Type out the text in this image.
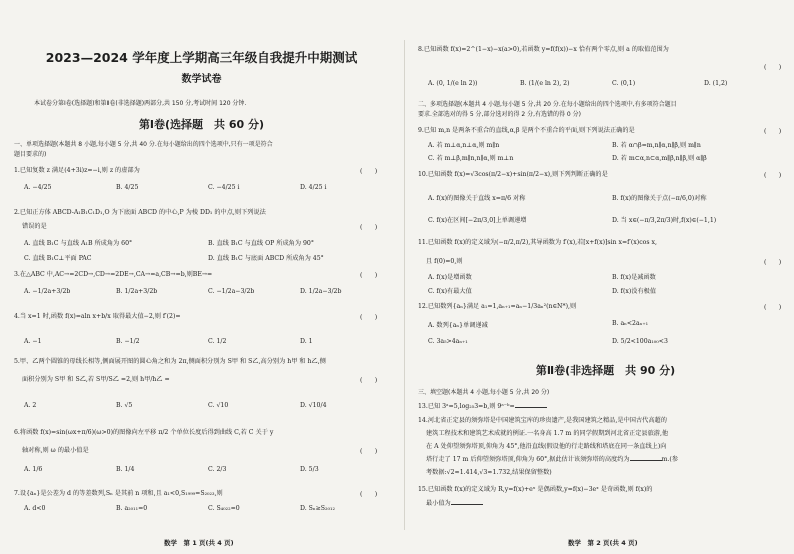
2023—2024 学年度上学期高三年级自我提升中期测试
数学试卷
本试卷分第Ⅰ卷(选择题)和第Ⅱ卷(非选择题)两部分,共 150 分,考试时间 120 分钟.
第Ⅰ卷(选择题　共 60 分)
一、单项选择题(本题共 8 小题,每小题 5 分,共 40 分.在每小题给出的四个选项中,只有一项是符合
题目要求的)
1.已知复数 z 满足(4+3i)z=−i,则 z 的虚部为	(　　)
A. −4/25	B. 4/25	C. −4/25 i	D. 4/25 i
2.已知正方体 ABCD-A₁B₁C₁D₁,O 为下底面 ABCD 的中心,P 为棱 DD₁ 的中点,则下列说法
错误的是	(　　)
A. 直线 B₁C 与直线 A₁B 所成角为 60°	B. 直线 B₁C 与直线 OP 所成角为 90°
C. 直线 B₁C⊥平面 PAC	D. 直线 B₁C 与底面 ABCD 所成角为 45°
3.在△ABC 中,AC→=2CD→,CD→=2DE→,CA→=a,CB→=b,则BE→=	(　　)
A. −1/2a+3/2b	B. 1/2a+3/2b	C. −1/2a−3/2b	D. 1/2a−3/2b
4.当 x=1 时,函数 f(x)=aln x+b/x 取得最大值−2,则 f′(2)=	(　　)
A. −1	B. −1/2	C. 1/2	D. 1
5.甲、乙两个圆锥的母线长相等,侧面展开图的圆心角之和为 2π,侧面积分别为 S甲 和 S乙,高分别为 h甲 和 h乙,侧
面积分别为 S甲 和 S乙,若 S甲/S乙 =2,则 h甲/h乙 =	(　　)
A. 2	B. √5	C. √10	D. √10/4
6.将函数 f(x)=sin(ωx+π/6)(ω>0)的图像向左平移 π/2 个单位长度后得到曲线 C,若 C 关于 y
轴对称,则 ω 的最小值是	(　　)
A. 1/6	B. 1/4	C. 2/3	D. 5/3
7.设{aₙ}是公差为 d 的等差数列,Sₙ 是其前 n 项和,且 a₁<0,S₁₉₉₉=S₂₀₂₃,则	(　　)
A. d<0	B. a₂₀₁₁=0	C. S₄₀₂₂=0	D. Sₙ≥S₂₀₁₂
数学　第 1 页(共 4 页)
8.已知函数 f(x)=2^(1−x)−x(a>0),若函数 y=f(f(x))−x 恰有两个零点,则 a 的取值范围为
(　　)
A. (0, 1/(e ln 2))	B. (1/(e ln 2), 2)	C. (0,1)	D. (1,2)
二、多项选择题(本题共 4 小题,每小题 5 分,共 20 分.在每小题给出的四个选项中,有多项符合题目
要求.全部选对的得 5 分,部分选对的得 2 分,有选错的得 0 分)
9.已知 m,n 是两条不重合的直线,α,β 是两个不重合的平面,则下列说法正确的是	(　　)
A. 若 m⊥α,n⊥α,则 m∥n	B. 若 α∩β=m,n∥α,n∥β,则 m∥n
C. 若 m⊥β,m∥n,n∥α,则 m⊥n	D. 若 m⊂α,n⊂α,m∥β,n∥β,则 α∥β
10.已知函数 f(x)=√3cos(π/2−x)+sin(π/2−x),则下列判断正确的是	(　　)
A. f(x)的图像关于直线 x=π/6 对称	B. f(x)的图像关于点(−π/6,0)对称
C. f(x)在区间[−2π/3,0]上单调递增	D. 当 x∈(−π/3,2π/3)时,f(x)∈(−1,1)
11.已知函数 f(x)的定义域为(−π/2,π/2),其导函数为 f′(x),若[x+f(x)]sin x=f′(x)cos x,
且 f(0)=0,则	(　　)
A. f(x)是增函数	B. f(x)是减函数
C. f(x)有最大值	D. f(x)没有极值
12.已知数列{aₙ}满足 a₁=1,aₙ₊₁=aₙ−1/3aₙ²(n∈N*),则	(　　)
A. 数列{aₙ}单调递减	B. aₙ<2aₙ₊₁
C. 3a₅>4aₙ₊₁	D. 5/2<100a₁₀₀<3
第Ⅱ卷(非选择题　共 90 分)
三、填空题(本题共 4 小题,每小题 5 分,共 20 分)
13.已知 3ᵃ=5,log₂₅3=b,则 9ᵃ⁻ᵇ=
14.河北省正定县的须弥塔是中国建筑宝库的珍贵遗产,是我国建筑之精品,是中国古代高超的
建筑工程技术和建筑艺术成就的例证.一名身高 1.7 m 的同学假期到河北省正定县旅游,他
在 A 处仰望须弥塔顶,仰角为 45°,他沿直线(假设他的行走路线和塔底在同一条直线上)向
塔行走了 17 m 后仰望须弥塔顶,仰角为 60°,据此估计该须弥塔的高度约为	m.(参
考数据:√2≈1.414,√3≈1.732,结果保留整数)
15.已知函数 f(x)的定义域为 R,y=f(x)+eˣ 是偶函数,y=f(x)−3eˣ 是奇函数,则 f(x)的
最小值为
数学　第 2 页(共 4 页)
